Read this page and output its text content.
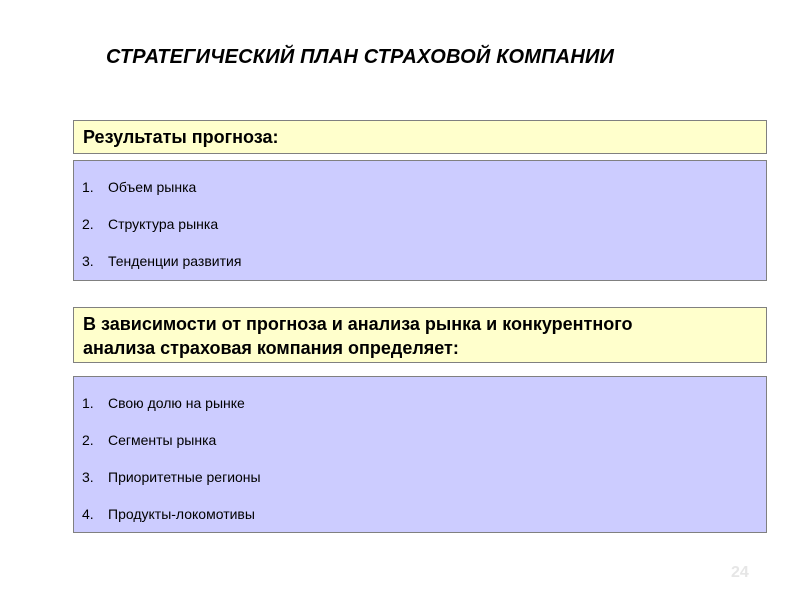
СТРАТЕГИЧЕСКИЙ ПЛАН СТРАХОВОЙ КОМПАНИИ
Результаты прогноза:
1. Объем рынка
2. Структура рынка
3. Тенденции развития
В зависимости от прогноза и анализа рынка и конкурентного
анализа страховая компания определяет:
1. Свою долю на рынке
2. Сегменты рынка
3. Приоритетные регионы
4. Продукты-локомотивы
24
